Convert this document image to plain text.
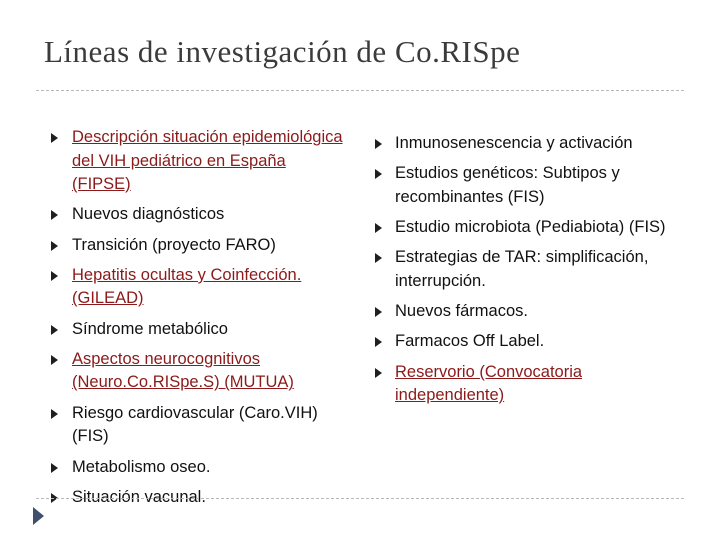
Líneas de investigación de Co.RISpe
Descripción situación epidemiológica del VIH pediátrico en España (FIPSE)
Nuevos diagnósticos
Transición (proyecto FARO)
Hepatitis ocultas y Coinfección. (GILEAD)
Síndrome metabólico
Aspectos neurocognitivos (Neuro.Co.RISpe.S) (MUTUA)
Riesgo cardiovascular (Caro.VIH) (FIS)
Metabolismo oseo.
Situación vacunal.
Inmunosenescencia y activación
Estudios genéticos: Subtipos y recombinantes (FIS)
Estudio microbiota (Pediabiota) (FIS)
Estrategias de TAR: simplificación, interrupción.
Nuevos fármacos.
Farmacos Off Label.
Reservorio (Convocatoria independiente)
